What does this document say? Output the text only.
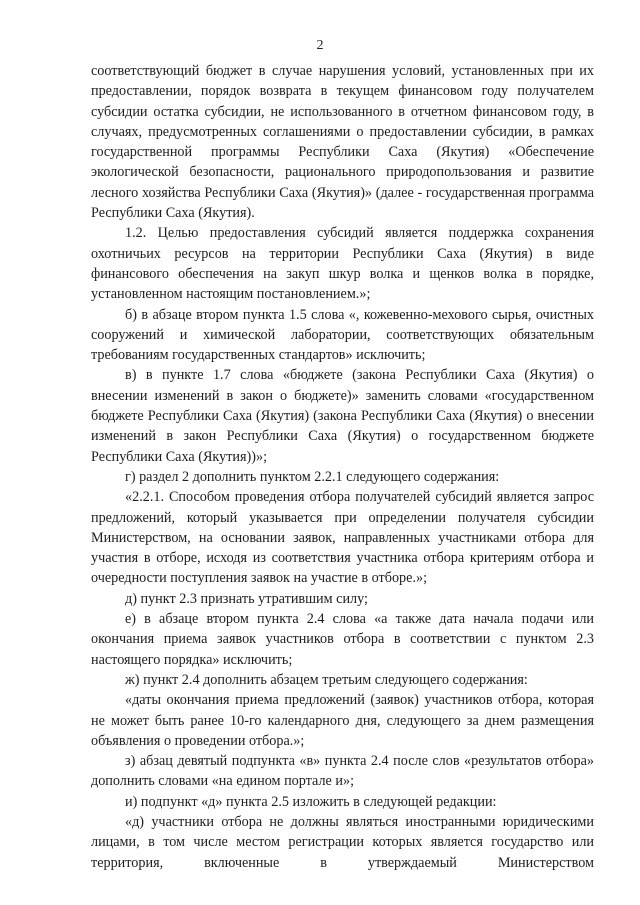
2

соответствующий бюджет в случае нарушения условий, установленных при их предоставлении, порядок возврата в текущем финансовом году получателем субсидии остатка субсидии, не использованного в отчетном финансовом году, в случаях, предусмотренных соглашениями о предоставлении субсидии, в рамках государственной программы Республики Саха (Якутия) «Обеспечение экологической безопасности, рационального природопользования и развитие лесного хозяйства Республики Саха (Якутия)» (далее - государственная программа Республики Саха (Якутия).

1.2. Целью предоставления субсидий является поддержка сохранения охотничьих ресурсов на территории Республики Саха (Якутия) в виде финансового обеспечения на закуп шкур волка и щенков волка в порядке, установленном настоящим постановлением.»;

б) в абзаце втором пункта 1.5 слова «, кожевенно-мехового сырья, очистных сооружений и химической лаборатории, соответствующих обязательным требованиям государственных стандартов» исключить;

в) в пункте 1.7 слова «бюджете (закона Республики Саха (Якутия) о внесении изменений в закон о бюджете)» заменить словами «государственном бюджете Республики Саха (Якутия) (закона Республики Саха (Якутия) о внесении изменений в закон Республики Саха (Якутия) о государственном бюджете Республики Саха (Якутия))»;

г) раздел 2 дополнить пунктом 2.2.1 следующего содержания:

«2.2.1. Способом проведения отбора получателей субсидий является запрос предложений, который указывается при определении получателя субсидии Министерством, на основании заявок, направленных участниками отбора для участия в отборе, исходя из соответствия участника отбора критериям отбора и очередности поступления заявок на участие в отборе.»;

д) пункт 2.3 признать утратившим силу;

е) в абзаце втором пункта 2.4 слова «а также дата начала подачи или окончания приема заявок участников отбора в соответствии с пунктом 2.3 настоящего порядка» исключить;

ж) пункт 2.4 дополнить абзацем третьим следующего содержания:

«даты окончания приема предложений (заявок) участников отбора, которая не может быть ранее 10-го календарного дня, следующего за днем размещения объявления о проведении отбора.»;

з) абзац девятый подпункта «в» пункта 2.4 после слов «результатов отбора» дополнить словами «на едином портале и»;

и) подпункт «д» пункта 2.5 изложить в следующей редакции:

«д) участники отбора не должны являться иностранными юридическими лицами, в том числе местом регистрации которых является государство или территория, включенные в утверждаемый Министерством
